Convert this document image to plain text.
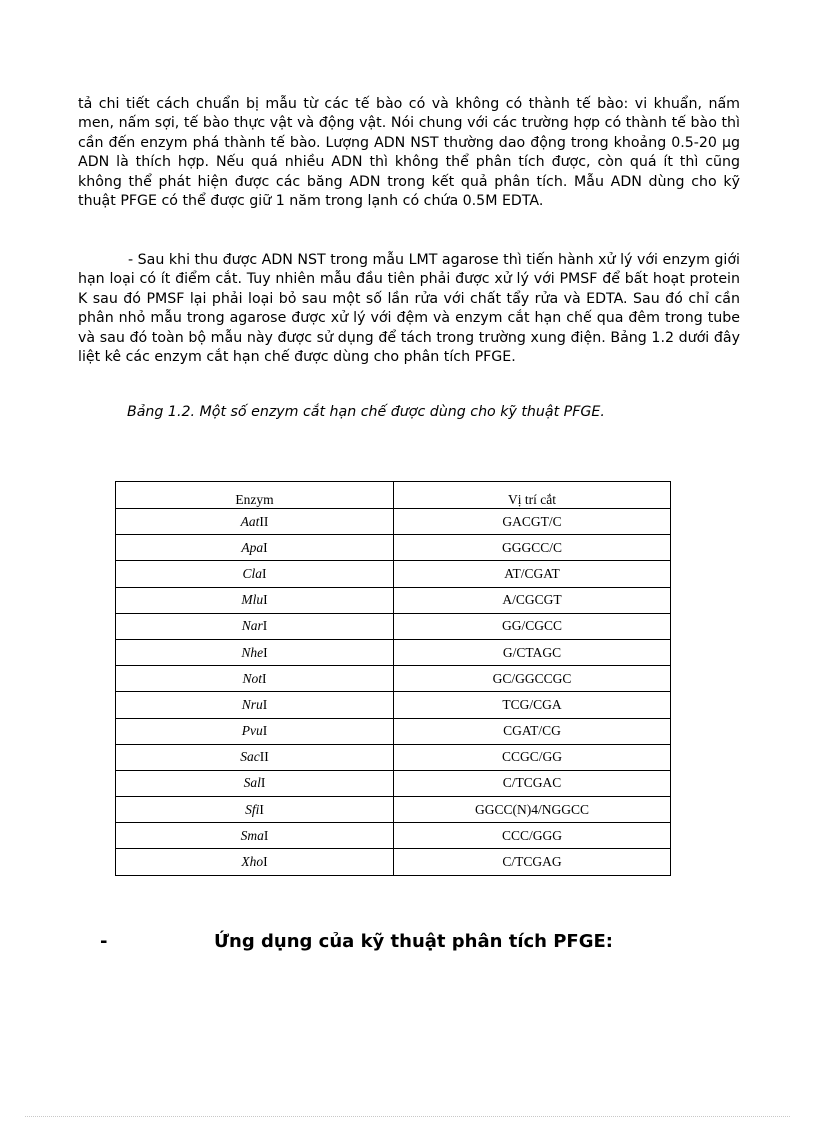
tả chi tiết cách chuẩn bị mẫu từ các tế bào có và không có thành tế bào: vi khuẩn, nấm men, nấm sợi, tế bào thực vật và động vật. Nói chung với các trường hợp có thành tế bào thì cần đến enzym phá thành tế bào. Lượng ADN NST thường dao động trong khoảng 0.5-20 µg ADN là thích hợp. Nếu quá nhiều ADN thì không thể phân tích được, còn quá ít thì cũng không thể phát hiện được các băng ADN trong kết quả phân tích. Mẫu ADN dùng cho kỹ thuật PFGE có thể được giữ 1 năm trong lạnh có chứa 0.5M EDTA.

- Sau khi thu được ADN NST trong mẫu LMT agarose thì tiến hành xử lý với enzym giới hạn loại có ít điểm cắt. Tuy nhiên mẫu đầu tiên phải được xử lý với PMSF để bất hoạt protein K sau đó PMSF lại phải loại bỏ sau một số lần rửa với chất tẩy rửa và EDTA. Sau đó chỉ cần phân nhỏ mẫu trong agarose được xử lý với đệm và enzym cắt hạn chế qua đêm trong tube và sau đó toàn bộ mẫu này được sử dụng để tách trong trường xung điện. Bảng 1.2 dưới đây liệt kê các enzym cắt hạn chế được dùng cho phân tích PFGE.

Bảng 1.2. Một số enzym cắt hạn chế được dùng cho kỹ thuật PFGE.

Enzym	Vị trí cắt
AatII	GACGT/C
ApaI	GGGCC/C
ClaI	AT/CGAT
MluI	A/CGCGT
NarI	GG/CGCC
NheI	G/CTAGC
NotI	GC/GGCCGC
NruI	TCG/CGA
PvuI	CGAT/CG
SacII	CCGC/GG
SalI	C/TCGAC
SfiI	GGCC(N)4/NGGCC
SmaI	CCC/GGG
XhoI	C/TCGAG
-	Ứng dụng của kỹ thuật phân tích PFGE:
